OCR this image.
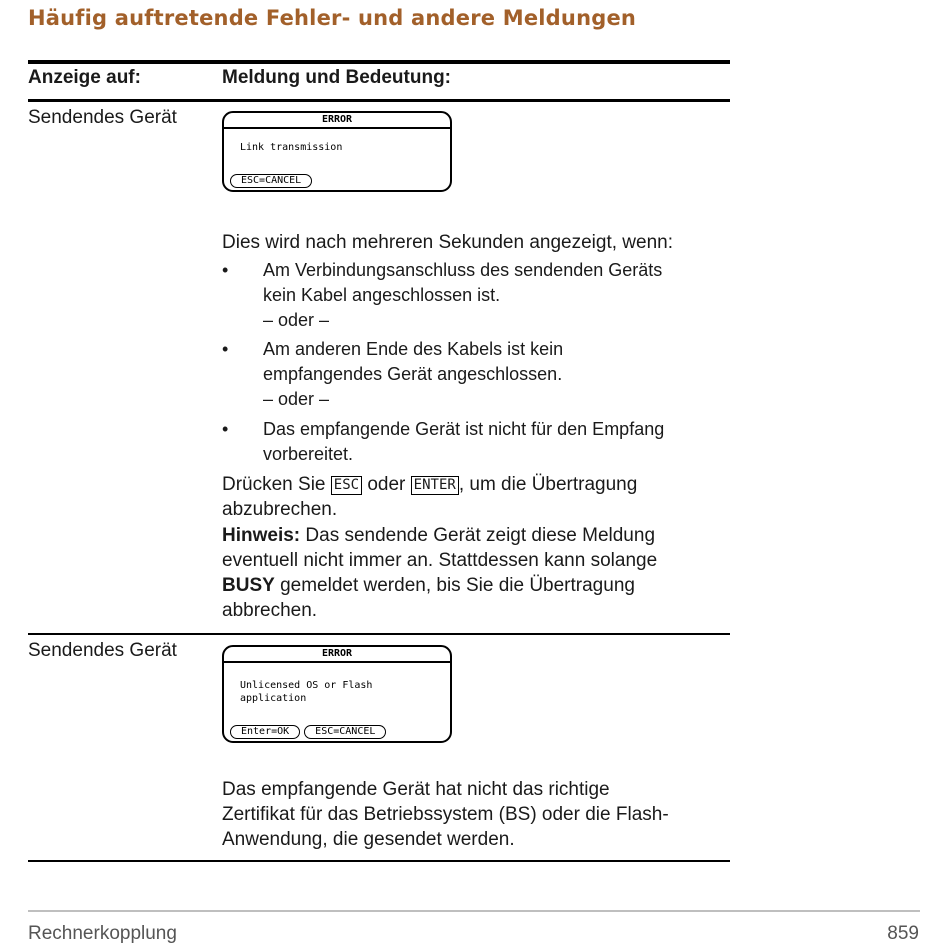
Häufig auftretende Fehler- und andere Meldungen
Anzeige auf:	Meldung und Bedeutung:
Sendendes Gerät	ERROR
Link transmission
ESC=CANCEL
Dies wird nach mehreren Sekunden angezeigt, wenn:
• Am Verbindungsanschluss des sendenden Geräts
kein Kabel angeschlossen ist.
– oder –
• Am anderen Ende des Kabels ist kein
empfangendes Gerät angeschlossen.
– oder –
• Das empfangende Gerät ist nicht für den Empfang
vorbereitet.
Drücken Sie ESC oder ENTER , um die Übertragung
abzubrechen.
Hinweis: Das sendende Gerät zeigt diese Meldung
eventuell nicht immer an. Stattdessen kann solange
BUSY gemeldet werden, bis Sie die Übertragung
abbrechen.
Sendendes Gerät	ERROR
Unlicensed OS or Flash
application
Enter=OK	ESC=CANCEL
Das empfangende Gerät hat nicht das richtige
Zertifikat für das Betriebssystem (BS) oder die Flash-
Anwendung, die gesendet werden.
Rechnerkopplung	859
